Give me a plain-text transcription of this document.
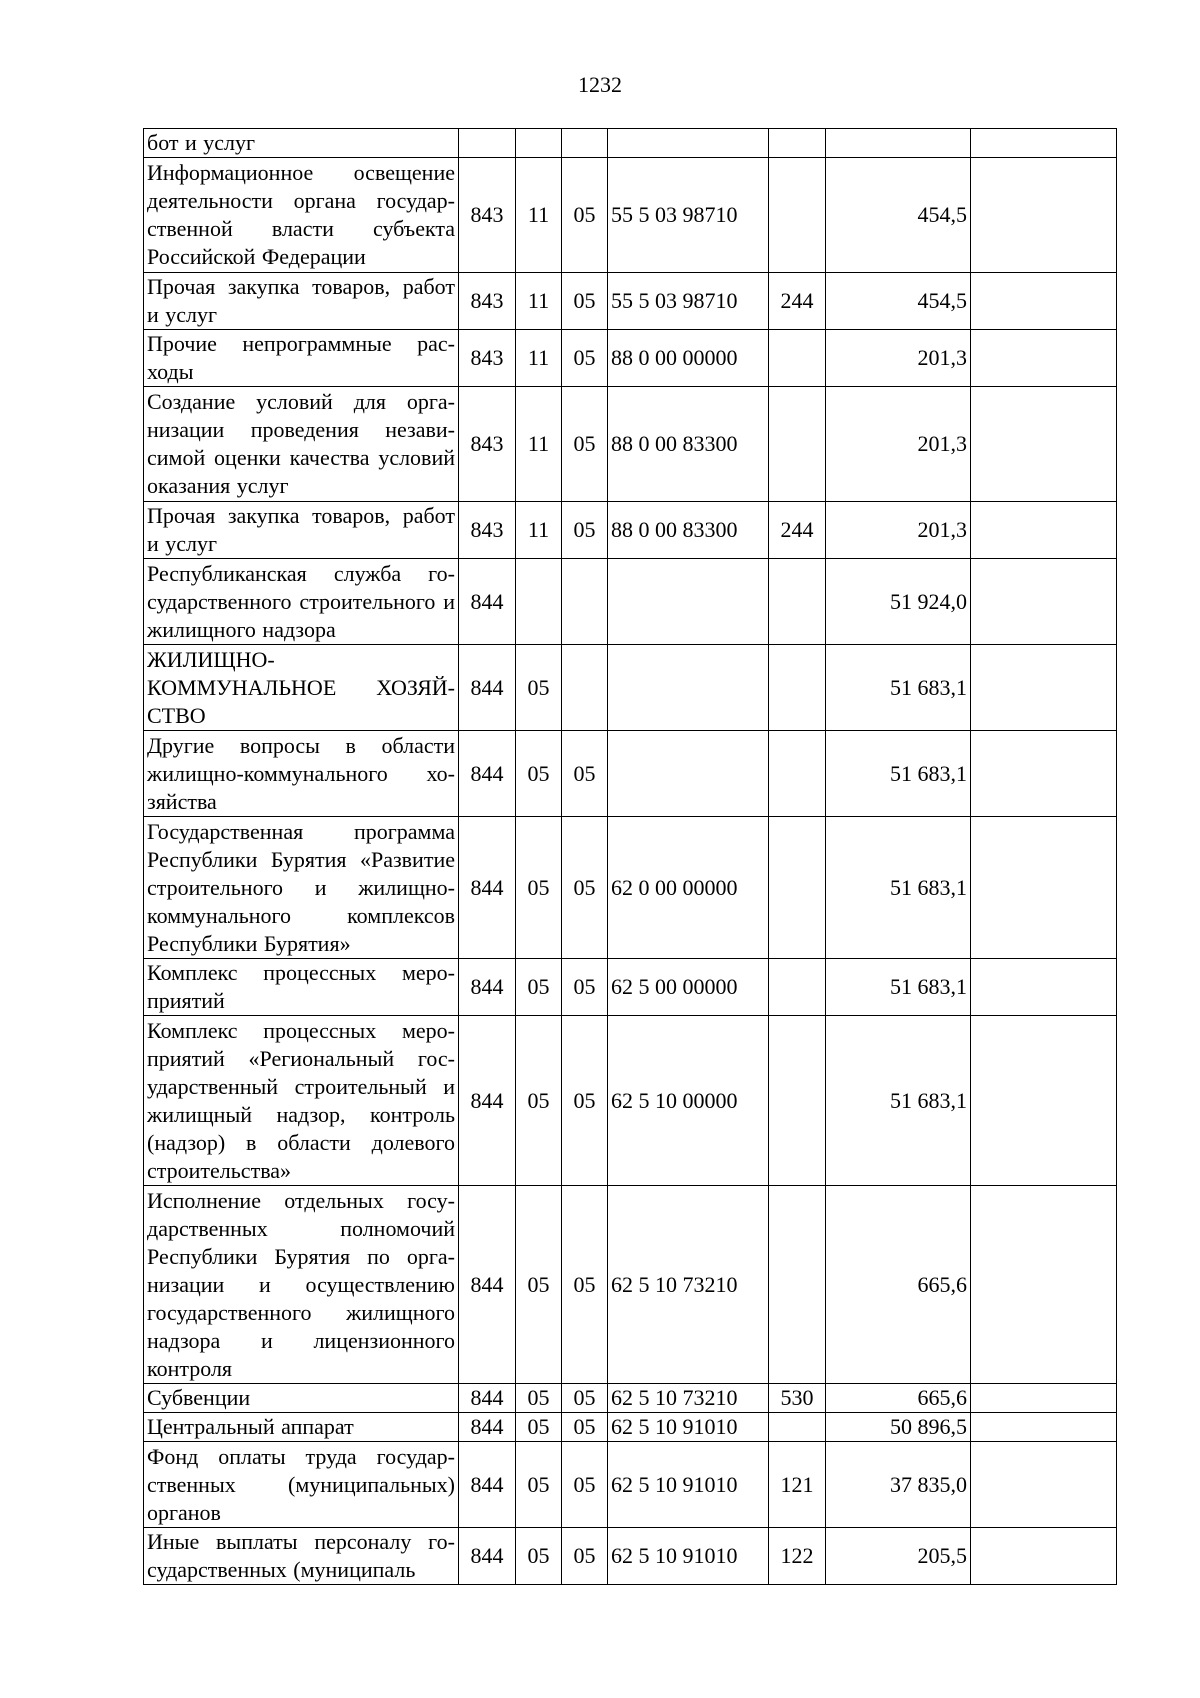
1232
бот и услуг							
Информационное освещение деятельности органа государственной власти субъекта Российской Федерации	843	11	05	55 5 03 98710		454,5	
Прочая закупка товаров, работ и услуг	843	11	05	55 5 03 98710	244	454,5	
Прочие непрограммные расходы	843	11	05	88 0 00 00000		201,3	
Создание условий для организации проведения независимой оценки качества условий оказания услуг	843	11	05	88 0 00 83300		201,3	
Прочая закупка товаров, работ и услуг	843	11	05	88 0 00 83300	244	201,3	
Республиканская служба государственного строительного и жилищного надзора	844					51 924,0	
ЖИЛИЩНО-КОММУНАЛЬНОЕ ХОЗЯЙСТВО	844	05				51 683,1	
Другие вопросы в области жилищно-коммунального хозяйства	844	05	05			51 683,1	
Государственная программа Республики Бурятия «Развитие строительного и жилищно-коммунального комплексов Республики Бурятия»	844	05	05	62 0 00 00000		51 683,1	
Комплекс процессных мероприятий	844	05	05	62 5 00 00000		51 683,1	
Комплекс процессных мероприятий «Региональный государственный строительный и жилищный надзор, контроль (надзор) в области долевого строительства»	844	05	05	62 5 10 00000		51 683,1	
Исполнение отдельных государственных полномочий Республики Бурятия по организации и осуществлению государственного жилищного надзора и лицензионного контроля	844	05	05	62 5 10 73210		665,6	
Субвенции	844	05	05	62 5 10 73210	530	665,6	
Центральный аппарат	844	05	05	62 5 10 91010		50 896,5	
Фонд оплаты труда государственных (муниципальных) органов	844	05	05	62 5 10 91010	121	37 835,0	
Иные выплаты персоналу государственных (муниципаль	844	05	05	62 5 10 91010	122	205,5	
